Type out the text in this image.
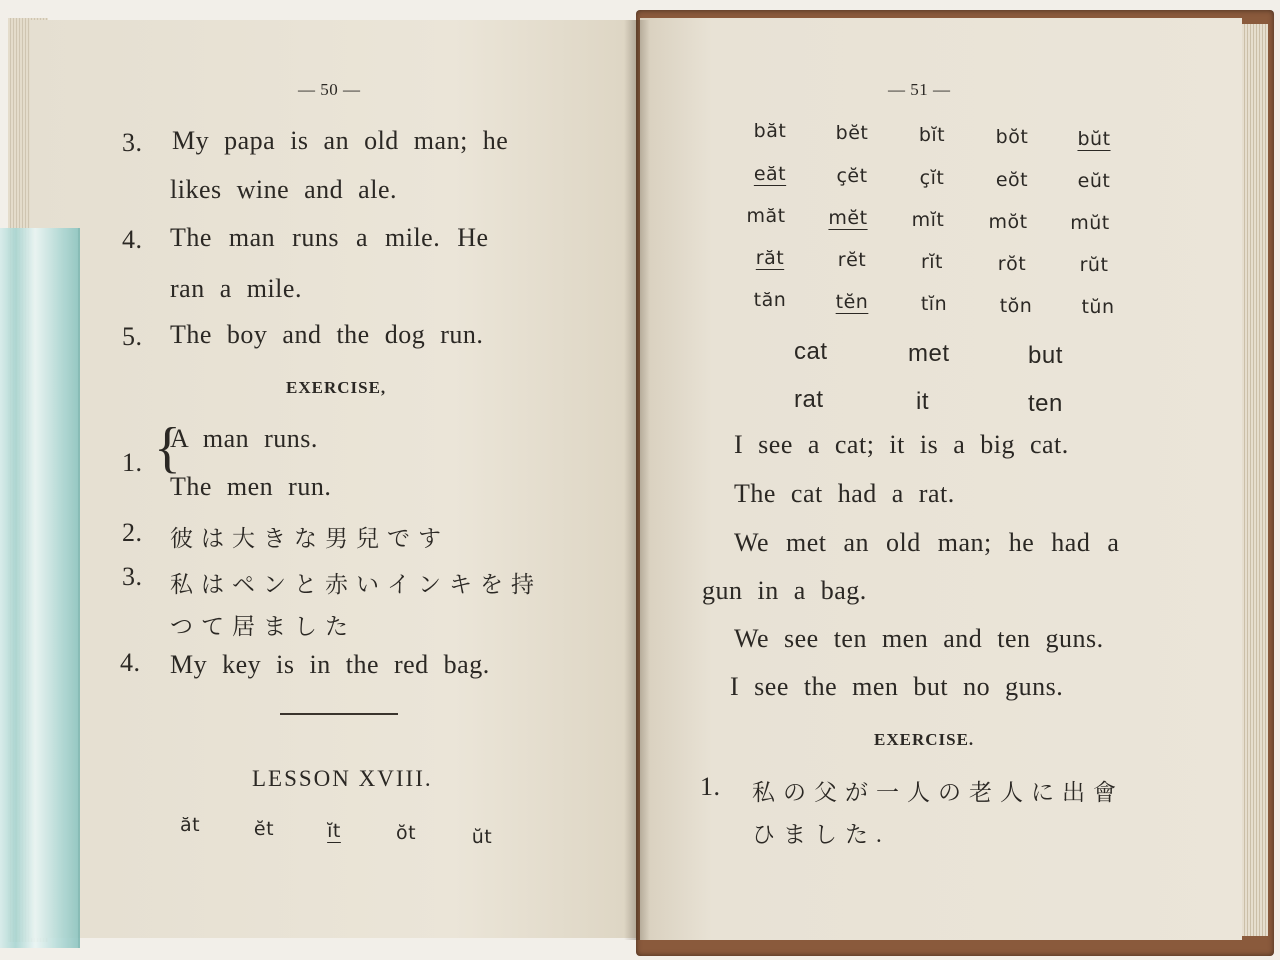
— 50 —
3. My papa is an old man; he
likes wine and ale.
4. The man runs a mile. He
ran a mile.
5. The boy and the dog run.
EXERCISE,
1. {
A man runs.
The men run.
2. 彼は大きな男兒です
3. 私はペンと赤いインキを持
つて居ました
4. My key is in the red bag.
LESSON XVIII.
ăt	ĕt	ĭt	ŏt	ŭt
— 51 —
băt	bĕt	bĭt	bŏt	bŭt
eăt	çĕt	çĭt	eŏt	eŭt
măt	mĕt	mĭt	mŏt	mŭt
răt	rĕt	rĭt	rŏt	rŭt
tăn	tĕn	tĭn	tŏn	tŭn
cat	met	but
rat	it	ten
I see a cat; it is a big cat.
The cat had a rat.
We met an old man; he had a
gun in a bag.
We see ten men and ten guns.
I see the men but no guns.
EXERCISE.
1. 私の父が一人の老人に出會
ひました.
